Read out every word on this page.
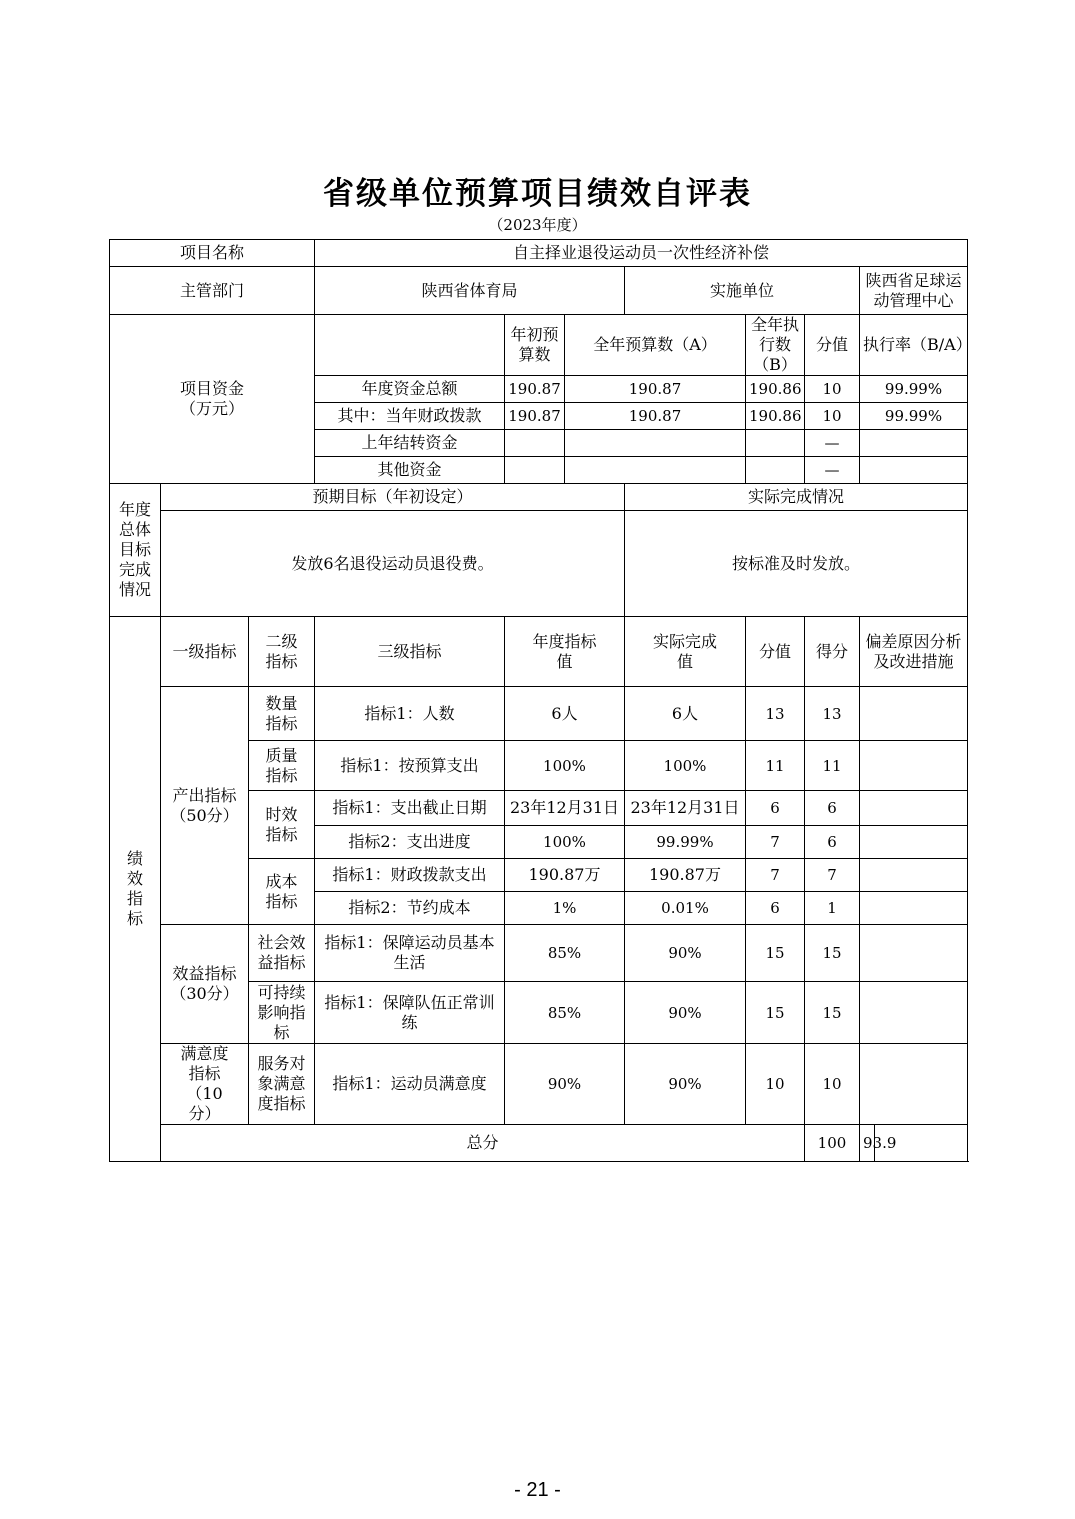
省级单位预算项目绩效自评表
（2023年度）
项目名称			自主择业退役运动员一次性经济补偿								
主管部门			陕西省体育局			实施单位			陕西省足球运动管理中心		

项目资金（万元）				年初预算数	全年预算数（A）		全年执行数（B）	分值	执行率（B/A）	
			年度资金总额	190.87	190.87		190.86	10	99.99%	
			其中：当年财政拨款	190.87	190.87		190.86	10	99.99%	
			上年结转资金					—		
			其他资金					—		

年度总体目标完成情况	预期目标（年初设定）					实际完成情况					
	发放6名退役运动员退役费。					按标准及时发放。					

绩效指标	一级指标	二级指标	三级指标	年度指标值		实际完成值	分值	得分	偏差原因分析及改进措施		

	产出指标（50分）	数量指标	指标1：人数	6人		6人	13	13			

		质量指标	指标1：按预算支出	100%		100%	11	11			

		时效指标	指标1：支出截止日期	23年12月31日		23年12月31日	6	6			
			指标2：支出进度	100%		99.99%	7	6			

		成本指标	指标1：财政拨款支出	190.87万		190.87万	7	7			
			指标2：节约成本	1%		0.01%	6	1			

	效益指标（30分）	社会效益指标	指标1：保障运动员基本生活	85%		90%	15	15			

		可持续影响指标	指标1：保障队伍正常训练	85%		90%	15	15			

	满意度指标（10分）	服务对象满意度指标	指标1：运动员满意度	90%		90%	10	10			
	总分							100	93.9		
- 21 -
